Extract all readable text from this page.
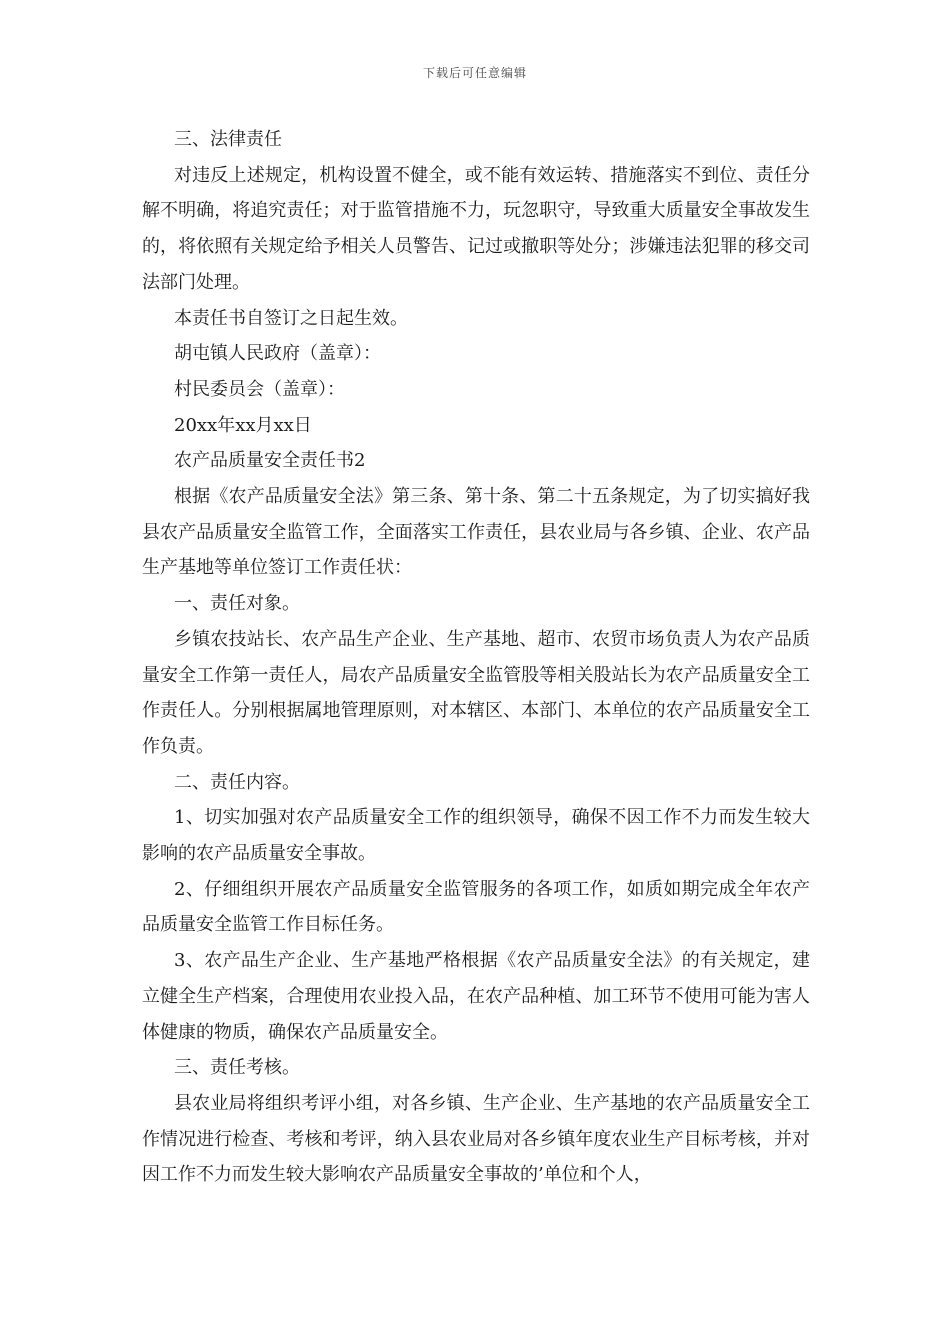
下载后可任意编辑

三、法律责任

对违反上述规定，机构设置不健全，或不能有效运转、措施落实不到位、责任分解不明确，将追究责任；对于监管措施不力，玩忽职守，导致重大质量安全事故发生的，将依照有关规定给予相关人员警告、记过或撤职等处分；涉嫌违法犯罪的移交司法部门处理。

本责任书自签订之日起生效。

胡屯镇人民政府（盖章）：

村民委员会（盖章）：

20xx年xx月xx日

农产品质量安全责任书2

根据《农产品质量安全法》第三条、第十条、第二十五条规定，为了切实搞好我县农产品质量安全监管工作，全面落实工作责任，县农业局与各乡镇、企业、农产品生产基地等单位签订工作责任状：

一、责任对象。

乡镇农技站长、农产品生产企业、生产基地、超市、农贸市场负责人为农产品质量安全工作第一责任人，局农产品质量安全监管股等相关股站长为农产品质量安全工作责任人。分别根据属地管理原则，对本辖区、本部门、本单位的农产品质量安全工作负责。

二、责任内容。

1、切实加强对农产品质量安全工作的组织领导，确保不因工作不力而发生较大影响的农产品质量安全事故。

2、仔细组织开展农产品质量安全监管服务的各项工作，如质如期完成全年农产品质量安全监管工作目标任务。

3、农产品生产企业、生产基地严格根据《农产品质量安全法》的有关规定，建立健全生产档案，合理使用农业投入品，在农产品种植、加工环节不使用可能为害人体健康的物质，确保农产品质量安全。

三、责任考核。

县农业局将组织考评小组，对各乡镇、生产企业、生产基地的农产品质量安全工作情况进行检查、考核和考评，纳入县农业局对各乡镇年度农业生产目标考核，并对因工作不力而发生较大影响农产品质量安全事故的’单位和个人，
